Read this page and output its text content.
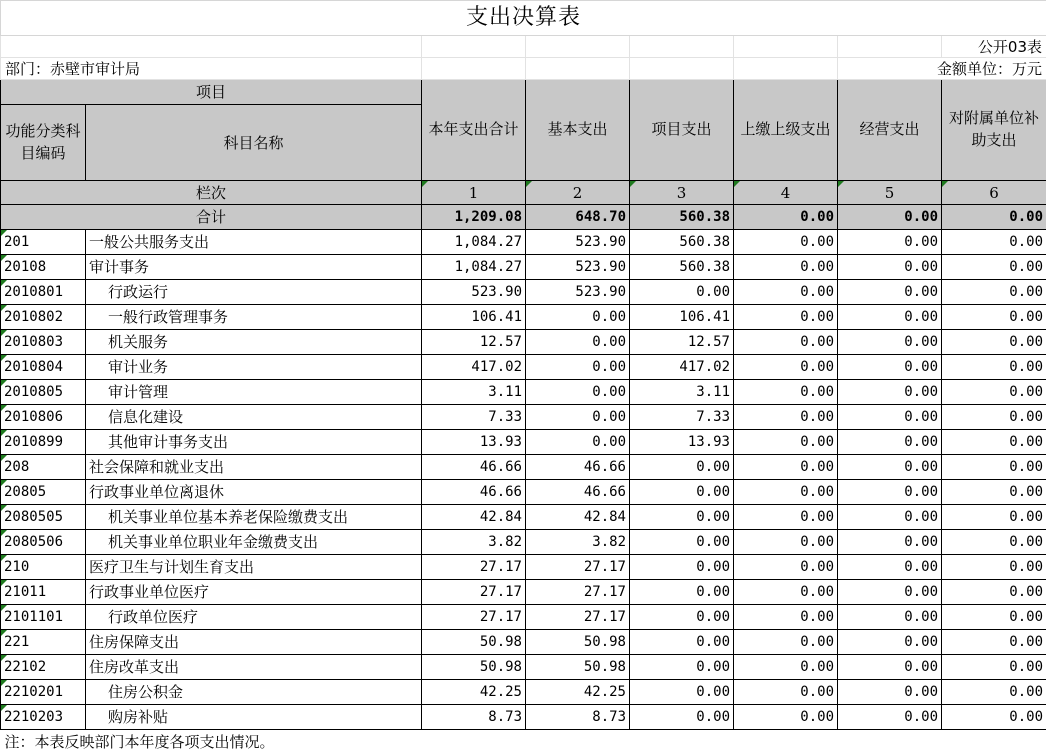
支出决算表							
							公开03表
部门：赤壁市审计局						金额单位：万元	
项目		本年支出合计	基本支出	项目支出	上缴上级支出	经营支出	对附属单位补助支出

功能分类科目编码	科目名称						
栏次		1	2	3	4	5	6
合计		1,209.08	648.70	560.38	0.00	0.00	0.00

201	一般公共服务支出	1,084.27	523.90	560.38	0.00	0.00	0.00

20108	审计事务	1,084.27	523.90	560.38	0.00	0.00	0.00

2010801	行政运行	523.90	523.90	0.00	0.00	0.00	0.00

2010802	一般行政管理事务	106.41	0.00	106.41	0.00	0.00	0.00

2010803	机关服务	12.57	0.00	12.57	0.00	0.00	0.00

2010804	审计业务	417.02	0.00	417.02	0.00	0.00	0.00

2010805	审计管理	3.11	0.00	3.11	0.00	0.00	0.00

2010806	信息化建设	7.33	0.00	7.33	0.00	0.00	0.00

2010899	其他审计事务支出	13.93	0.00	13.93	0.00	0.00	0.00

208	社会保障和就业支出	46.66	46.66	0.00	0.00	0.00	0.00

20805	行政事业单位离退休	46.66	46.66	0.00	0.00	0.00	0.00

2080505	机关事业单位基本养老保险缴费支出	42.84	42.84	0.00	0.00	0.00	0.00

2080506	机关事业单位职业年金缴费支出	3.82	3.82	0.00	0.00	0.00	0.00

210	医疗卫生与计划生育支出	27.17	27.17	0.00	0.00	0.00	0.00

21011	行政事业单位医疗	27.17	27.17	0.00	0.00	0.00	0.00

2101101	行政单位医疗	27.17	27.17	0.00	0.00	0.00	0.00

221	住房保障支出	50.98	50.98	0.00	0.00	0.00	0.00

22102	住房改革支出	50.98	50.98	0.00	0.00	0.00	0.00

2210201	住房公积金	42.25	42.25	0.00	0.00	0.00	0.00

2210203	购房补贴	8.73	8.73	0.00	0.00	0.00	0.00
注：本表反映部门本年度各项支出情况。							
